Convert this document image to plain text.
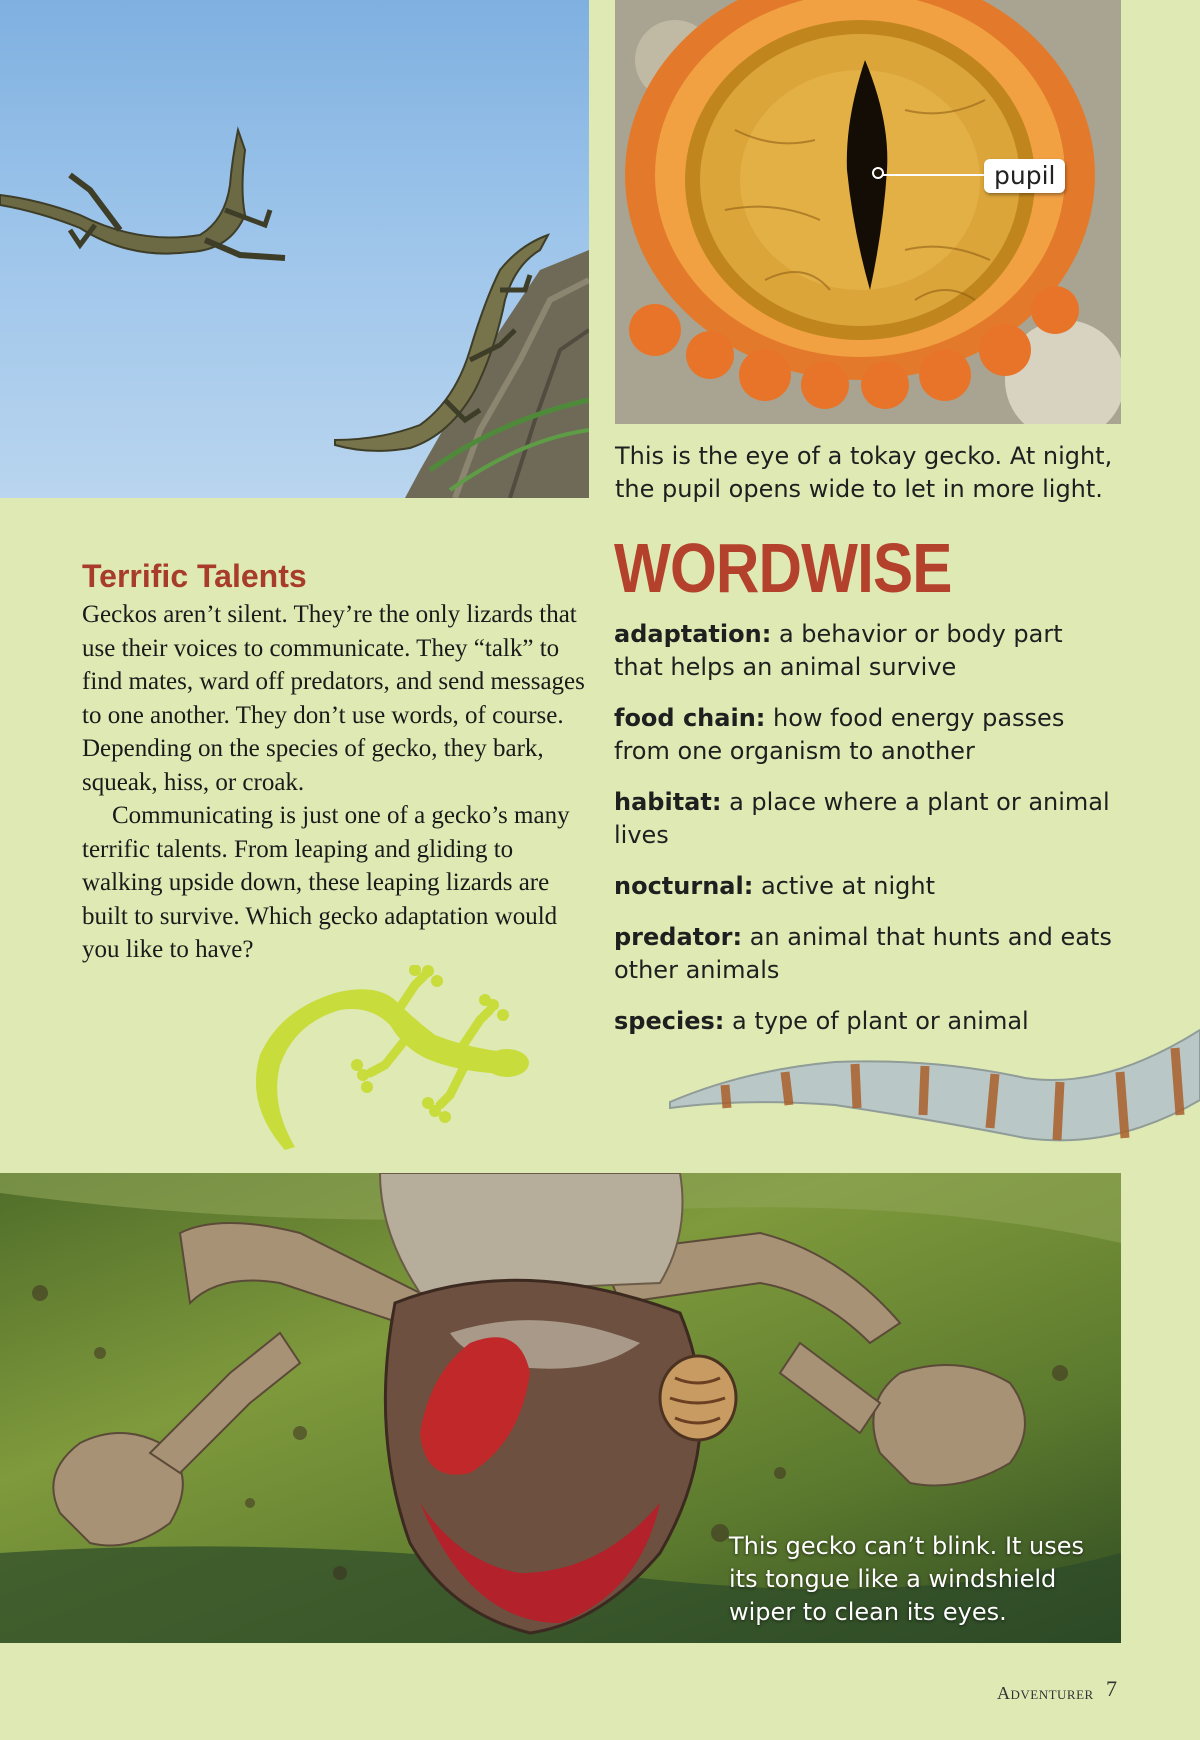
pupil
This is the eye of a tokay gecko. At night, the pupil opens wide to let in more light.
Terrific Talents

Geckos aren’t silent. They’re the only lizards that use their voices to communicate. They “talk” to find mates, ward off predators, and send messages to one another. They don’t use words, of course. Depending on the species of gecko, they bark, squeak, hiss, or croak.

Communicating is just one of a gecko’s many terrific talents. From leaping and gliding to walking upside down, these leaping lizards are built to survive. Which gecko adaptation would you like to have?

WORDWISE

adaptation: a behavior or body part that helps an animal survive

food chain: how food energy passes from one organism to another

habitat: a place where a plant or animal lives

nocturnal: active at night

predator: an animal that hunts and eats other animals

species: a type of plant or animal

This gecko can’t blink. It uses its tongue like a windshield wiper to clean its eyes.
Adventurer 7
